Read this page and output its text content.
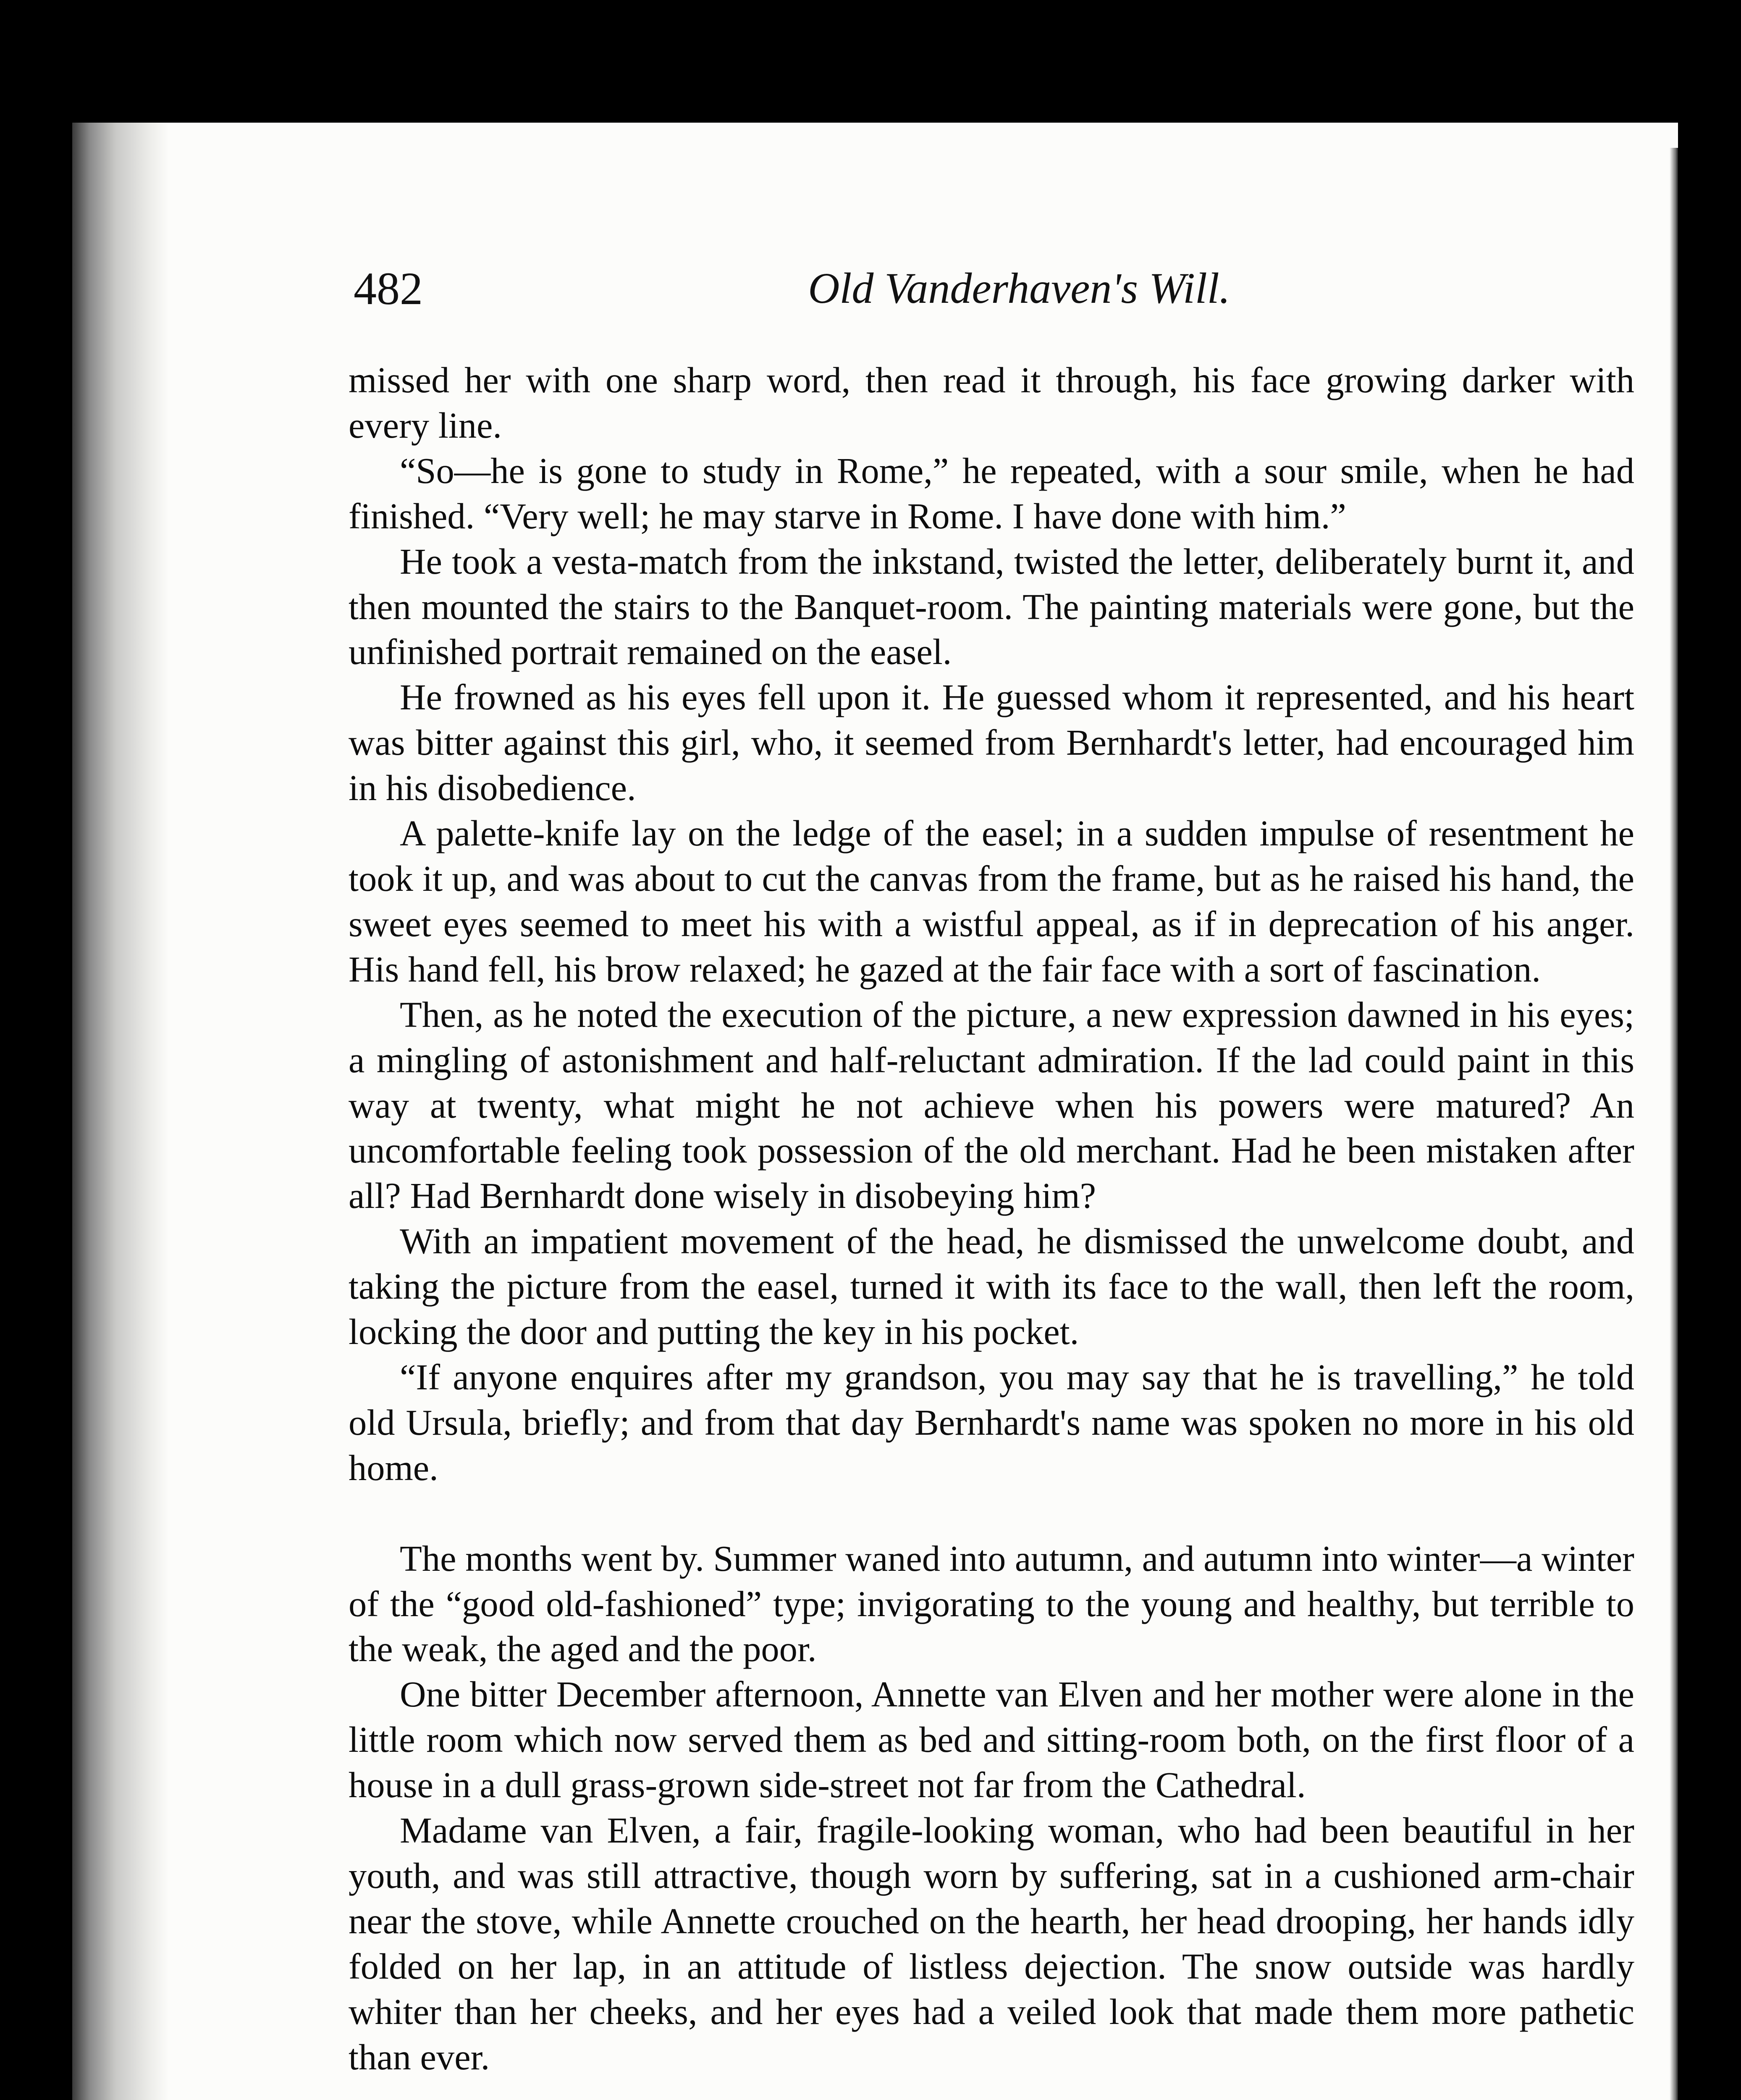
482	Old Vanderhaven's Will.

missed her with one sharp word, then read it through, his face growing darker with every line.

“So—he is gone to study in Rome,” he repeated, with a sour smile, when he had finished. “Very well; he may starve in Rome. I have done with him.”

He took a vesta-match from the inkstand, twisted the letter, deliberately burnt it, and then mounted the stairs to the Banquet-room. The painting materials were gone, but the unfinished portrait remained on the easel.

He frowned as his eyes fell upon it. He guessed whom it represented, and his heart was bitter against this girl, who, it seemed from Bernhardt's letter, had encouraged him in his disobedience.

A palette-knife lay on the ledge of the easel; in a sudden impulse of resentment he took it up, and was about to cut the canvas from the frame, but as he raised his hand, the sweet eyes seemed to meet his with a wistful appeal, as if in deprecation of his anger. His hand fell, his brow relaxed; he gazed at the fair face with a sort of fascination.

Then, as he noted the execution of the picture, a new expression dawned in his eyes; a mingling of astonishment and half-reluctant admiration. If the lad could paint in this way at twenty, what might he not achieve when his powers were matured? An uncomfortable feeling took possession of the old merchant. Had he been mistaken after all? Had Bernhardt done wisely in disobeying him?

With an impatient movement of the head, he dismissed the unwelcome doubt, and taking the picture from the easel, turned it with its face to the wall, then left the room, locking the door and putting the key in his pocket.

“If anyone enquires after my grandson, you may say that he is travelling,” he told old Ursula, briefly; and from that day Bernhardt's name was spoken no more in his old home.

The months went by. Summer waned into autumn, and autumn into winter—a winter of the “good old-fashioned” type; invigorating to the young and healthy, but terrible to the weak, the aged and the poor.

One bitter December afternoon, Annette van Elven and her mother were alone in the little room which now served them as bed and sitting-room both, on the first floor of a house in a dull grass-grown side-street not far from the Cathedral.

Madame van Elven, a fair, fragile-looking woman, who had been beautiful in her youth, and was still attractive, though worn by suffering, sat in a cushioned arm-chair near the stove, while Annette crouched on the hearth, her head drooping, her hands idly folded on her lap, in an attitude of listless dejection. The snow outside was hardly whiter than her cheeks, and her eyes had a veiled look that made them more pathetic than ever.
